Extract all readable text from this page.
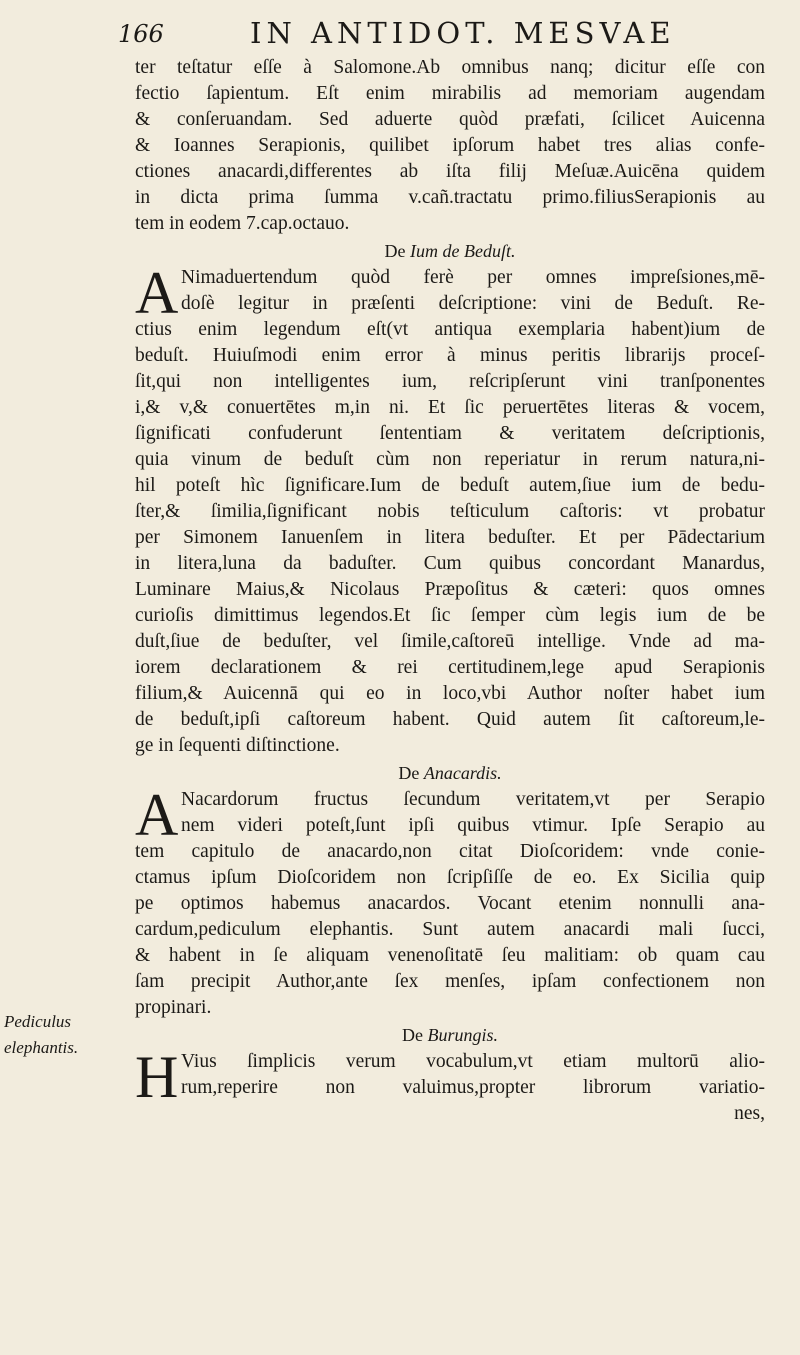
166	IN ANTIDOT. MESVAE
ter teſtatur eſſe à Salomone.Ab omnibus nanq; dicitur eſſe con
fectio ſapientum. Eſt enim mirabilis ad memoriam augendam
& conſeruandam. Sed aduerte quòd præfati, ſcilicet Auicenna
& Ioannes Serapionis, quilibet ipſorum habet tres alias confe-
ctiones anacardi,differentes ab iſta filij Meſuæ.Auicēna quidem
in dicta prima ſumma v.cañ.tractatu primo.filiusSerapionis au
tem in eodem 7.cap.octauo.
De Ium de Beduſt.
A Nimaduertendum quòd ferè per omnes impreſsiones,mē-
doſè legitur in præſenti deſcriptione: vini de Beduſt. Re-
ctius enim legendum eſt(vt antiqua exemplaria habent)ium de
beduſt. Huiuſmodi enim error à minus peritis librarijs proceſ-
ſit,qui non intelligentes ium, reſcripſerunt vini tranſponentes
i,& v,& conuertētes m,in ni. Et ſic peruertētes literas & vocem,
ſignificati confuderunt ſententiam & veritatem deſcriptionis,
quia vinum de beduſt cùm non reperiatur in rerum natura,ni-
hil poteſt hìc ſignificare.Ium de beduſt autem,ſiue ium de bedu-
ſter,& ſimilia,ſignificant nobis teſticulum caſtoris: vt probatur
per Simonem Ianuenſem in litera beduſter. Et per Pādectarium
in litera,luna da baduſter. Cum quibus concordant Manardus,
Luminare Maius,& Nicolaus Præpoſitus & cæteri: quos omnes
curioſis dimittimus legendos.Et ſic ſemper cùm legis ium de be
duſt,ſiue de beduſter, vel ſimile,caſtoreū intellige. Vnde ad ma-
iorem declarationem & rei certitudinem,lege apud Serapionis
filium,& Auicennā qui eo in loco,vbi Author noſter habet ium
de beduſt,ipſi caſtoreum habent. Quid autem ſit caſtoreum,le-
ge in ſequenti diſtinctione.
De Anacardis.
A Nacardorum fructus ſecundum veritatem,vt per Serapio
nem videri poteſt,ſunt ipſi quibus vtimur. Ipſe Serapio au
tem capitulo de anacardo,non citat Dioſcoridem: vnde conie-
ctamus ipſum Dioſcoridem non ſcripſiſſe de eo. Ex Sicilia quip
pe optimos habemus anacardos. Vocant etenim nonnulli ana-
cardum,pediculum elephantis. Sunt autem anacardi mali ſucci,
& habent in ſe aliquam venenoſitatē ſeu malitiam: ob quam cau
ſam precipit Author,ante ſex menſes, ipſam confectionem non
propinari.
De Burungis.
H Vius ſimplicis verum vocabulum,vt etiam multorū alio-
rum,reperire non valuimus,propter librorum variatio-
nes,
Pediculus
elephantis.
